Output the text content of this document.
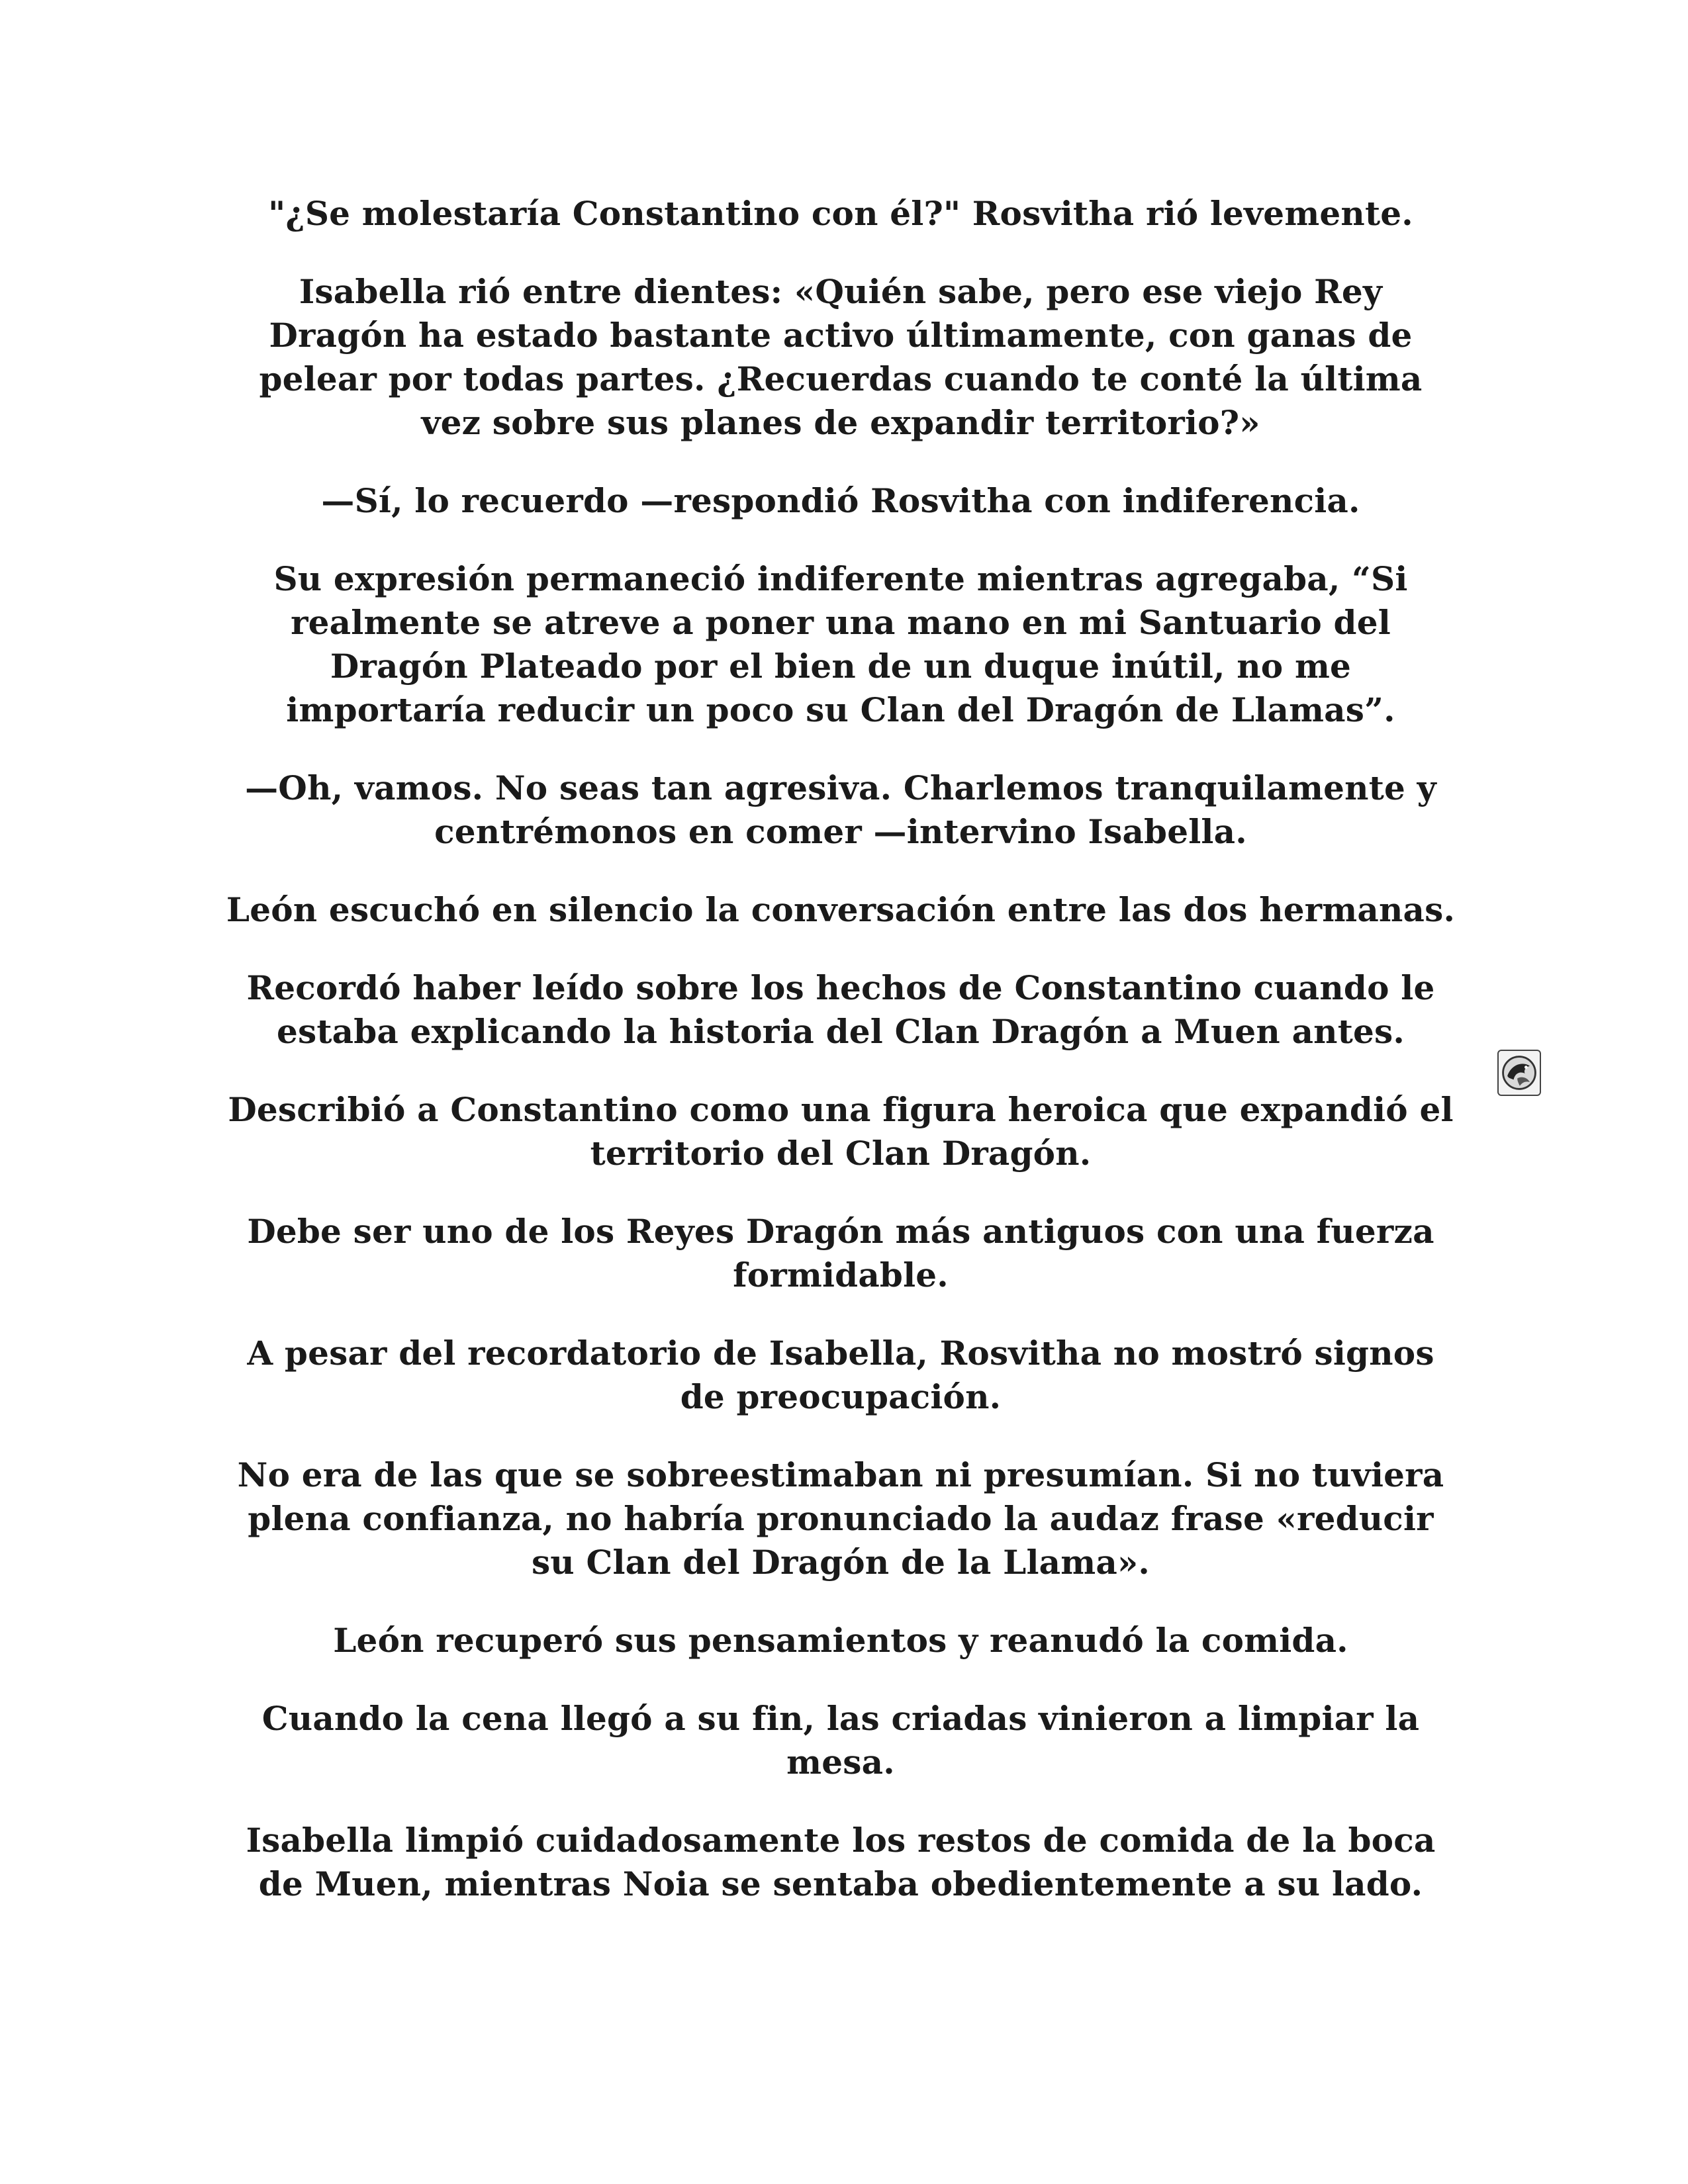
"¿Se molestaría Constantino con él?" Rosvitha rió levemente.

Isabella rió entre dientes: «Quién sabe, pero ese viejo Rey Dragón ha estado bastante activo últimamente, con ganas de pelear por todas partes. ¿Recuerdas cuando te conté la última vez sobre sus planes de expandir territorio?»

—Sí, lo recuerdo —respondió Rosvitha con indiferencia.

Su expresión permaneció indiferente mientras agregaba, “Si realmente se atreve a poner una mano en mi Santuario del Dragón Plateado por el bien de un duque inútil, no me importaría reducir un poco su Clan del Dragón de Llamas”.

—Oh, vamos. No seas tan agresiva. Charlemos tranquilamente y centrémonos en comer —intervino Isabella.

León escuchó en silencio la conversación entre las dos hermanas.

Recordó haber leído sobre los hechos de Constantino cuando le estaba explicando la historia del Clan Dragón a Muen antes.

Describió a Constantino como una figura heroica que expandió el territorio del Clan Dragón.

Debe ser uno de los Reyes Dragón más antiguos con una fuerza formidable.

A pesar del recordatorio de Isabella, Rosvitha no mostró signos de preocupación.

No era de las que se sobreestimaban ni presumían. Si no tuviera plena confianza, no habría pronunciado la audaz frase «reducir su Clan del Dragón de la Llama».

León recuperó sus pensamientos y reanudó la comida.

Cuando la cena llegó a su fin, las criadas vinieron a limpiar la mesa.

Isabella limpió cuidadosamente los restos de comida de la boca de Muen, mientras Noia se sentaba obedientemente a su lado.
